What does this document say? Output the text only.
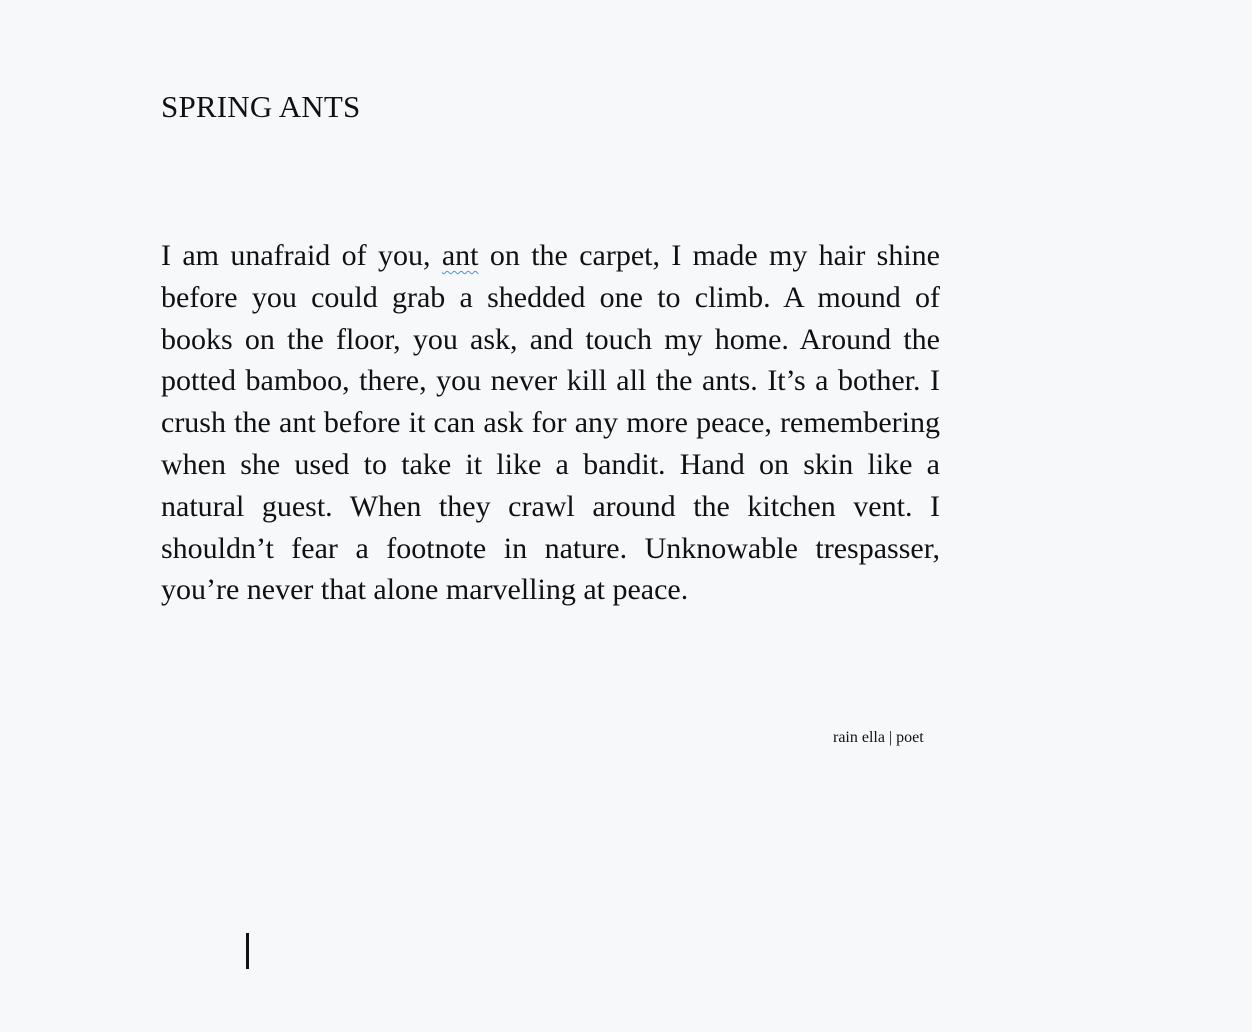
SPRING ANTS

I am unafraid of you, ant on the carpet, I made my hair shine before you could grab a shedded one to climb. A mound of books on the floor, you ask, and touch my home. Around the potted bamboo, there, you never kill all the ants. It’s a bother. I crush the ant before it can ask for any more peace, remembering when she used to take it like a bandit. Hand on skin like a natural guest. When they crawl around the kitchen vent. I shouldn’t fear a footnote in nature. Unknowable trespasser, you’re never that alone marvelling at peace.

rain ella | poet
